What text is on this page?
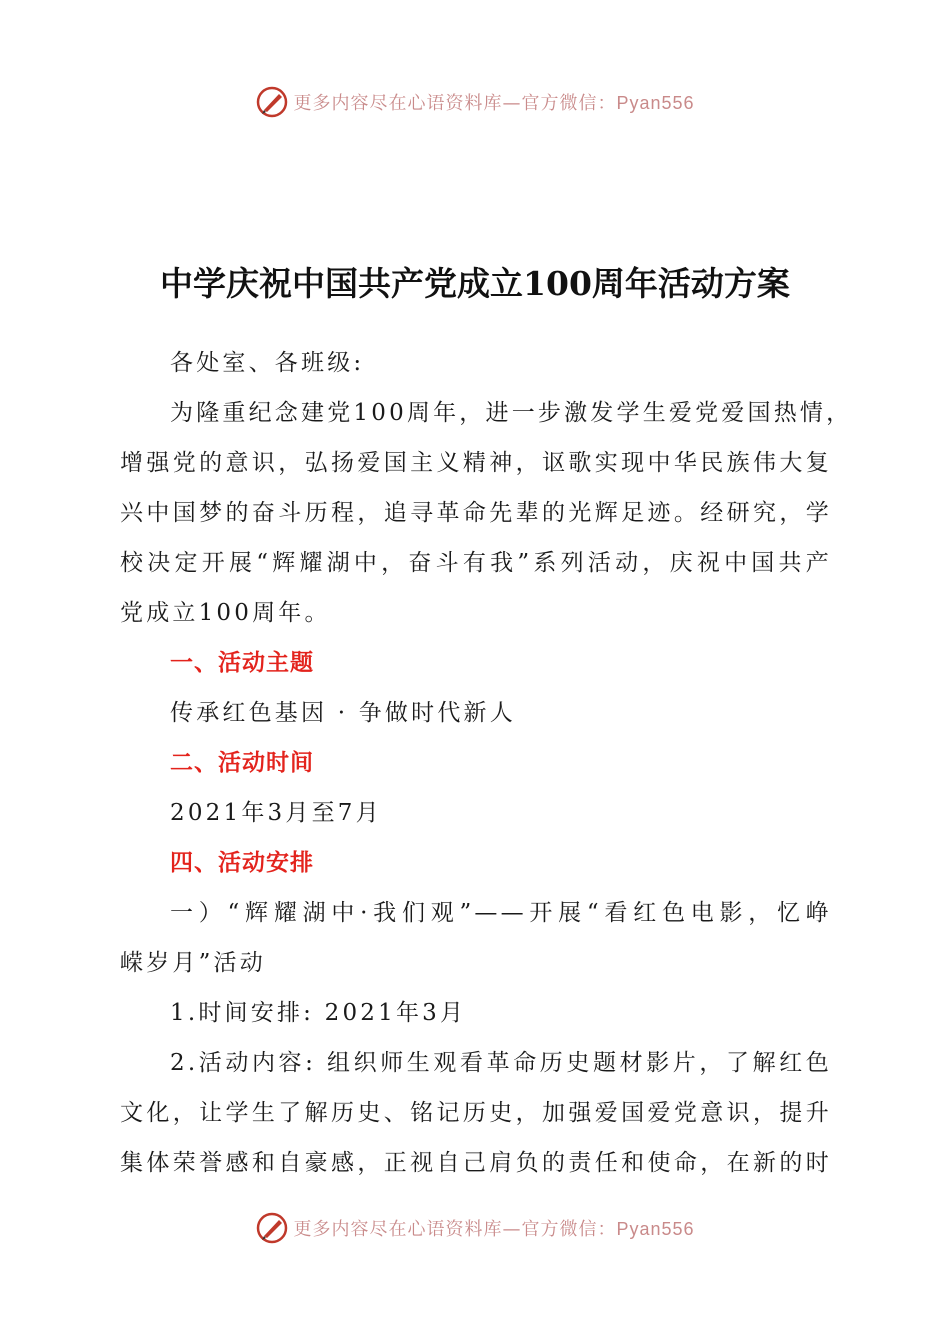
更多内容尽在心语资料库—官方微信：Pyan556
中学庆祝中国共产党成立100周年活动方案
各处室、各班级:
为隆重纪念建党100周年，进一步激发学生爱党爱国热情，
增强党的意识，弘扬爱国主义精神，讴歌实现中华民族伟大复
兴中国梦的奋斗历程，追寻革命先辈的光辉足迹。经研究，学
校决定开展“辉耀湖中，奋斗有我”系列活动，庆祝中国共产
党成立100周年。
一、活动主题
传承红色基因 · 争做时代新人
二、活动时间
2021年3月至7月
四、活动安排
一）“辉耀湖中·我们观”——开展“看红色电影，忆峥
嵘岁月”活动
1.时间安排: 2021年3月
2.活动内容: 组织师生观看革命历史题材影片，了解红色
文化，让学生了解历史、铭记历史，加强爱国爱党意识，提升
集体荣誉感和自豪感，正视自己肩负的责任和使命，在新的时
更多内容尽在心语资料库—官方微信：Pyan556
